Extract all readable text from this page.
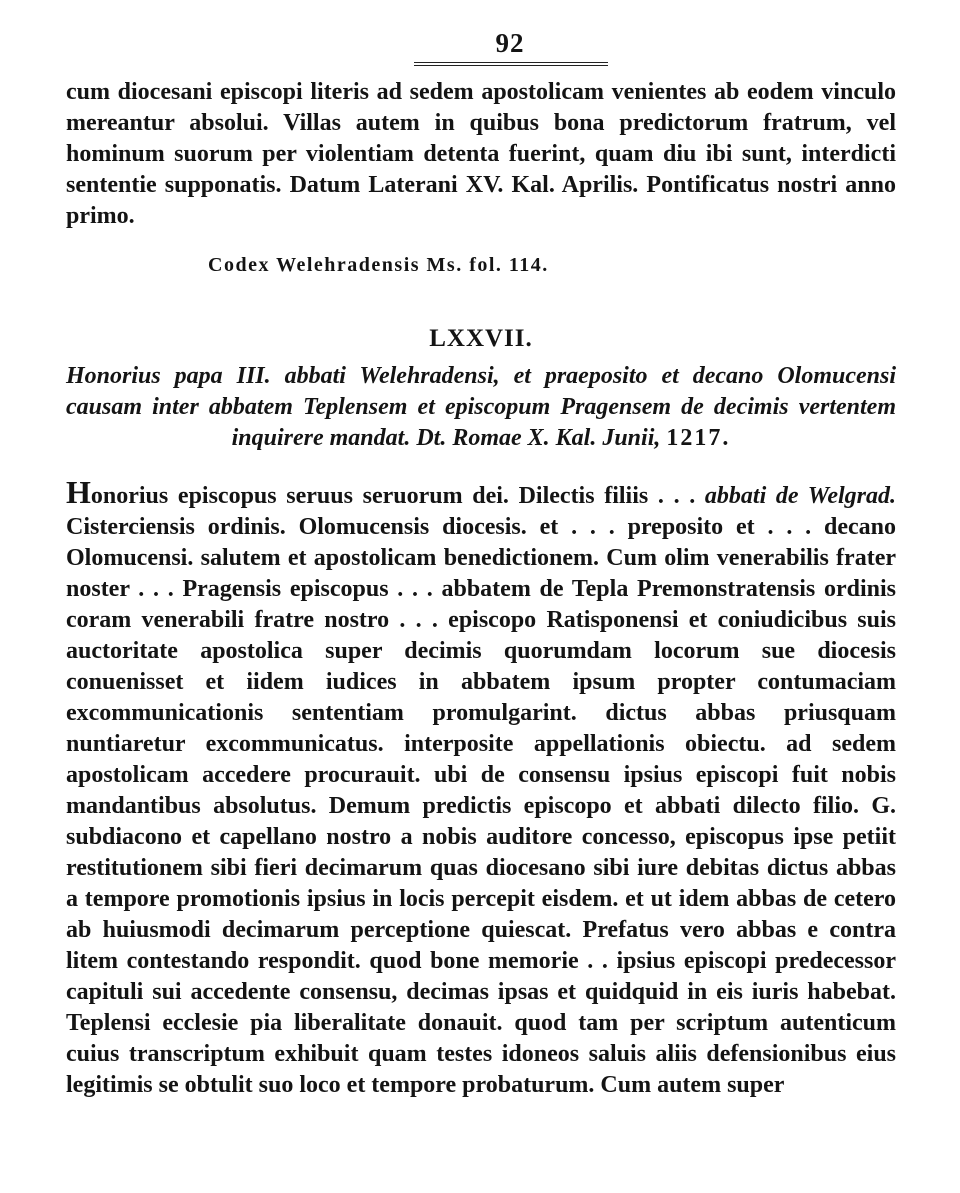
92

cum diocesani episcopi literis ad sedem apostolicam venientes ab eodem vinculo mereantur absolui. Villas autem in quibus bona predictorum fratrum, vel hominum suorum per violentiam detenta fuerint, quam diu ibi sunt, interdicti sententie supponatis. Datum Laterani XV. Kal. Aprilis. Pontificatus nostri anno primo.

Codex Welehradensis Ms. fol. 114.
LXXVII.

Honorius papa III. abbati Welehradensi, et praeposito et decano Olomucensi causam inter abbatem Teplensem et episcopum Pragensem de decimis vertentem inquirere mandat. Dt. Romae X. Kal. Junii, 1217.

Honorius episcopus seruus seruorum dei. Dilectis filiis . . . abbati de Welgrad. Cisterciensis ordinis. Olomucensis diocesis. et . . . preposito et . . . decano Olomucensi. salutem et apostolicam benedictionem. Cum olim venerabilis frater noster . . . Pragensis episcopus . . . abbatem de Tepla Premonstratensis ordinis coram venerabili fratre nostro . . . episcopo Ratisponensi et coniudicibus suis auctoritate apostolica super decimis quorumdam locorum sue diocesis conuenisset et iidem iudices in abbatem ipsum propter contumaciam excommunicationis sententiam promulgarint. dictus abbas priusquam nuntiaretur excommunicatus. interposite appellationis obiectu. ad sedem apostolicam accedere procurauit. ubi de consensu ipsius episcopi fuit nobis mandantibus absolutus. Demum predictis episcopo et abbati dilecto filio. G. subdiacono et capellano nostro a nobis auditore concesso, episcopus ipse petiit restitutionem sibi fieri decimarum quas diocesano sibi iure debitas dictus abbas a tempore promotionis ipsius in locis percepit eisdem. et ut idem abbas de cetero ab huiusmodi decimarum perceptione quiescat. Prefatus vero abbas e contra litem contestando respondit. quod bone memorie . . ipsius episcopi predecessor capituli sui accedente consensu, decimas ipsas et quidquid in eis iuris habebat. Teplensi ecclesie pia liberalitate donauit. quod tam per scriptum autenticum cuius transcriptum exhibuit quam testes idoneos saluis aliis defensionibus eius legitimis se obtulit suo loco et tempore probaturum. Cum autem super
